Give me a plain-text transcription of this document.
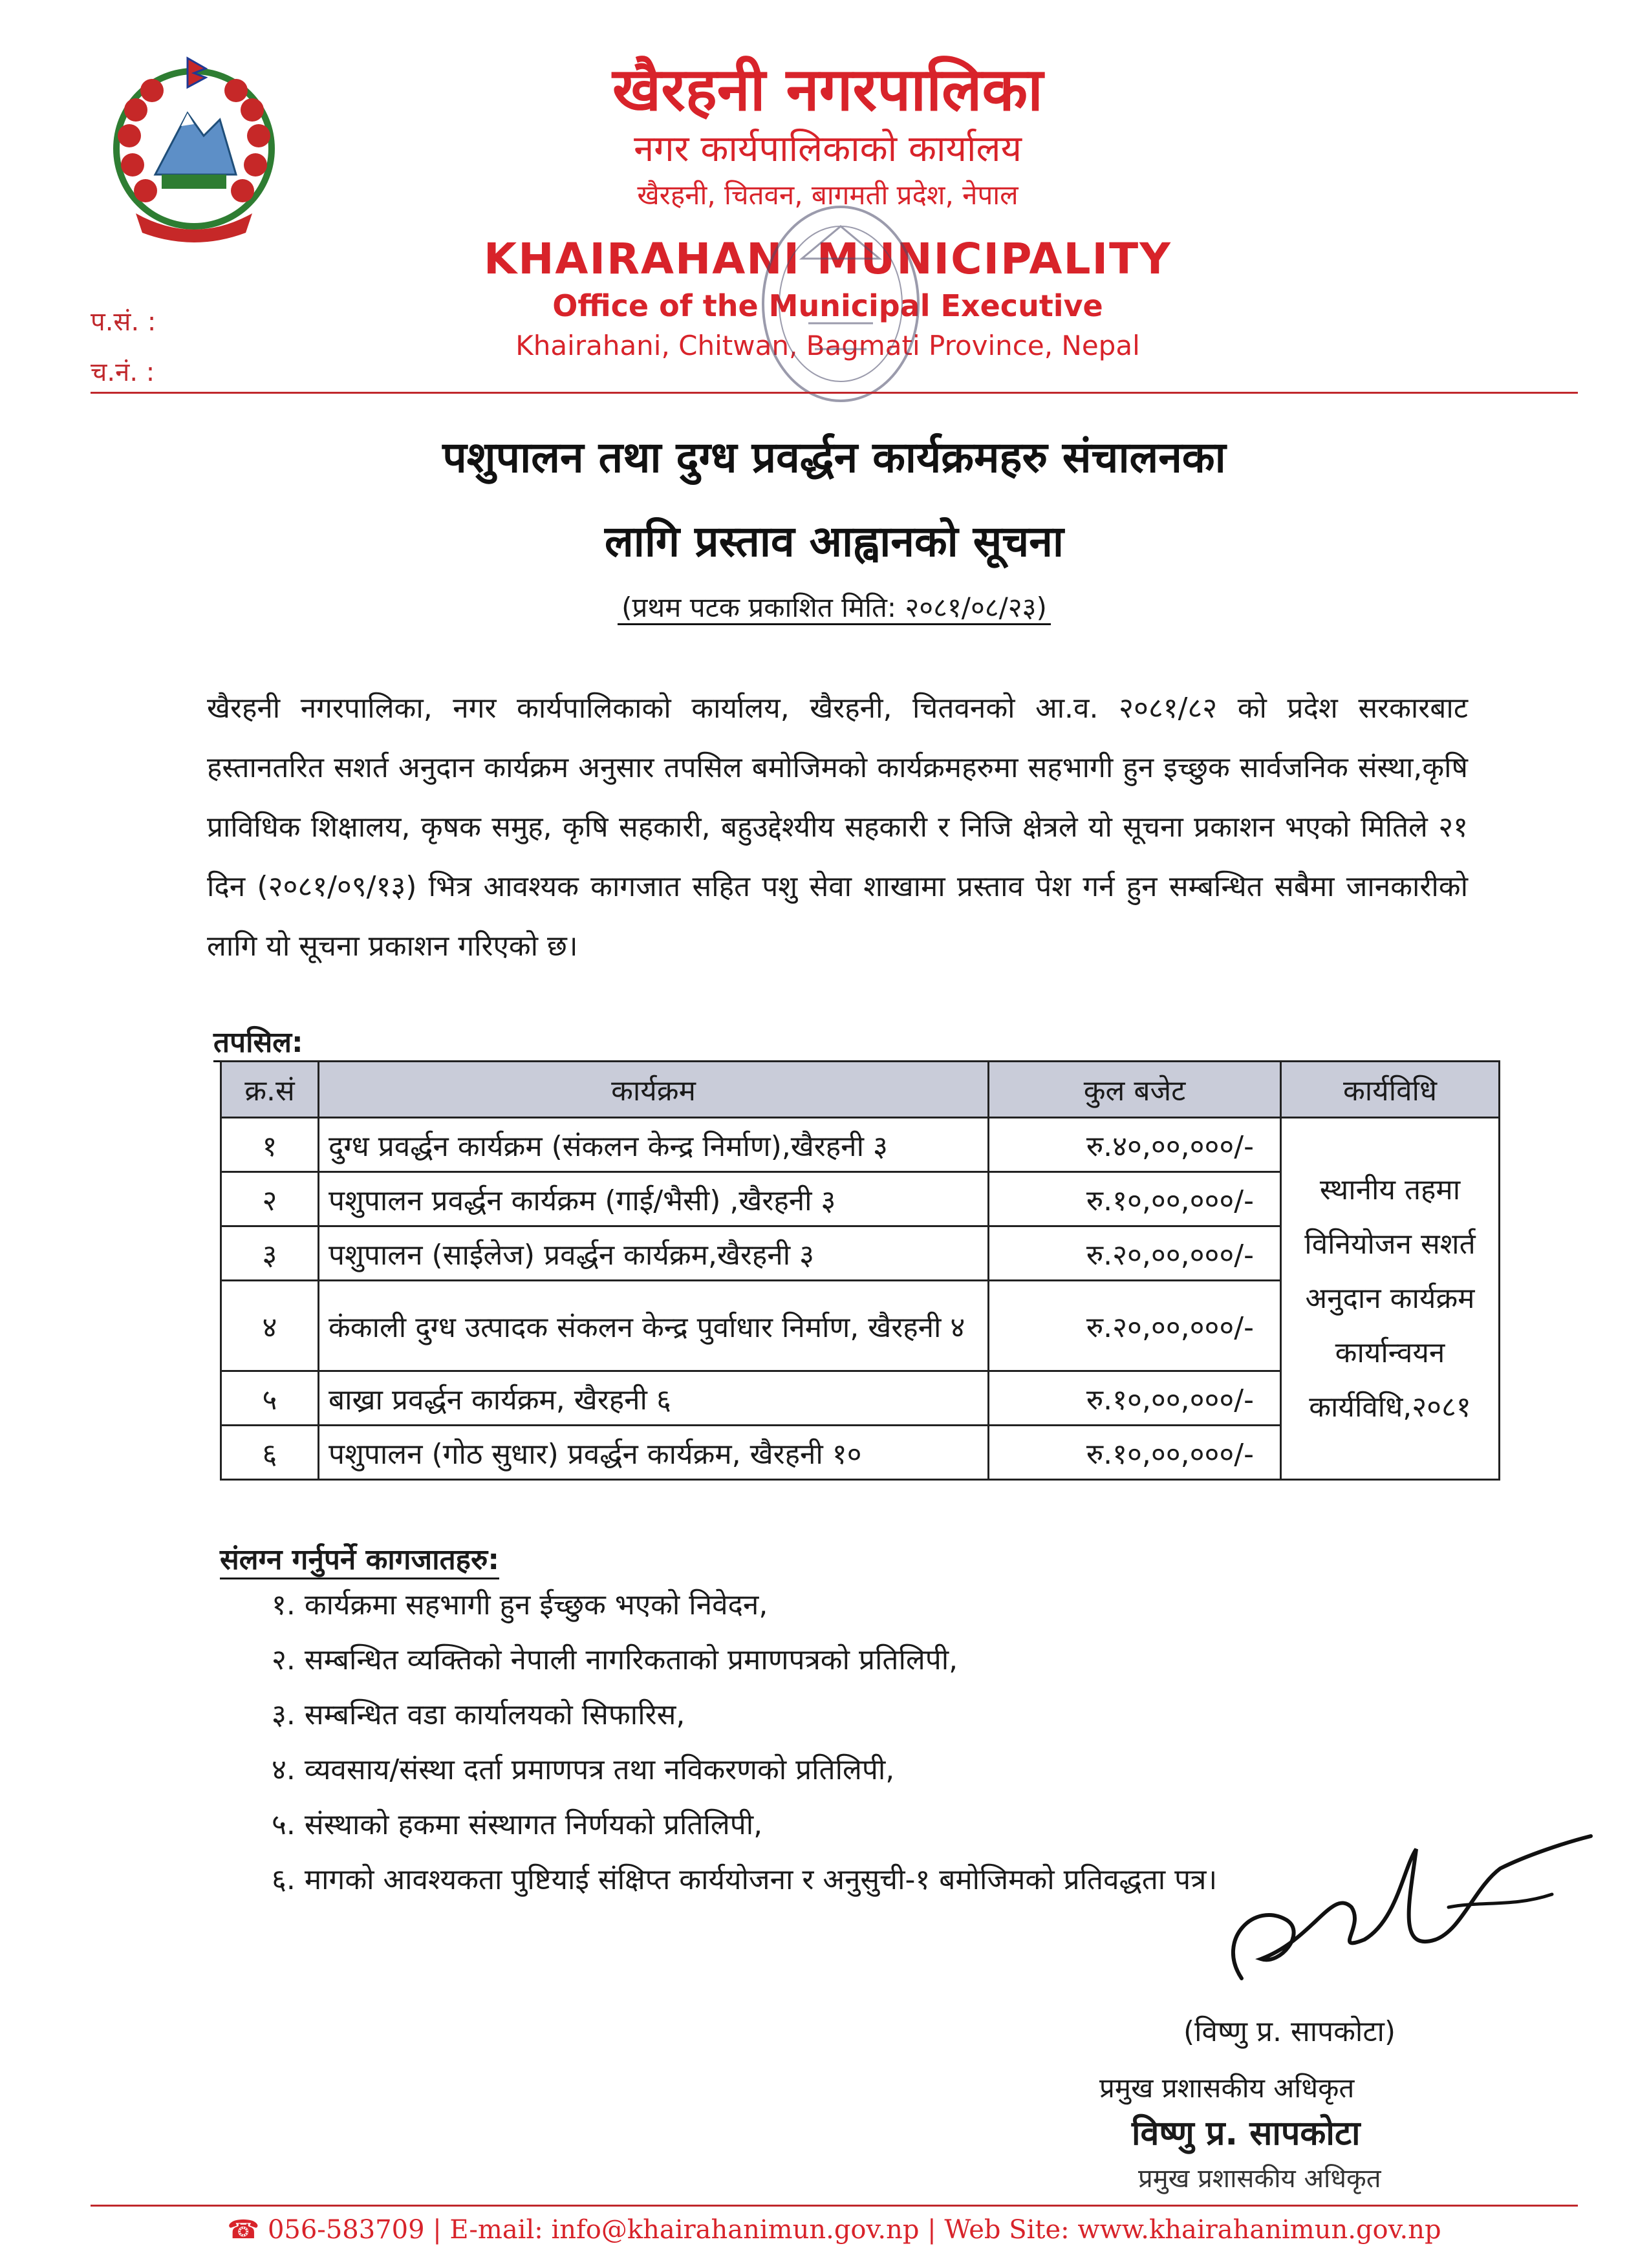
प.सं. :
च.नं. :
खैरहनी नगरपालिका
नगर कार्यपालिकाको कार्यालय
खैरहनी, चितवन, बागमती प्रदेश, नेपाल
KHAIRAHANI MUNICIPALITY
Office of the Municipal Executive
Khairahani, Chitwan, Bagmati Province, Nepal
पशुपालन तथा दुग्ध प्रवर्द्धन कार्यक्रमहरु संचालनका
लागि प्रस्ताव आह्वानको सूचना
(प्रथम पटक प्रकाशित मिति: २०८१/०८/२३)
खैरहनी नगरपालिका, नगर कार्यपालिकाको कार्यालय, खैरहनी, चितवनको आ.व. २०८१/८२ को प्रदेश सरकारबाट हस्तानतरित सशर्त अनुदान कार्यक्रम अनुसार तपसिल बमोजिमको कार्यक्रमहरुमा सहभागी हुन इच्छुक सार्वजनिक संस्था,कृषि प्राविधिक शिक्षालय, कृषक समुह, कृषि सहकारी, बहुउद्देश्यीय सहकारी र निजि क्षेत्रले यो सूचना प्रकाशन भएको मितिले २१ दिन (२०८१/०९/१३) भित्र आवश्यक कागजात सहित पशु सेवा शाखामा प्रस्ताव पेश गर्न हुन सम्बन्धित सबैमा जानकारीको लागि यो सूचना प्रकाशन गरिएको छ।
तपसिल:
क्र.सं	कार्यक्रम	कुल बजेट	कार्यविधि
१	दुग्ध प्रवर्द्धन कार्यक्रम (संकलन केन्द्र निर्माण),खैरहनी ३	रु.४०,००,०००/-	स्थानीय तहमा विनियोजन सशर्त अनुदान कार्यक्रम कार्यान्वयन कार्यविधि,२०८१
२	पशुपालन प्रवर्द्धन कार्यक्रम (गाई/भैसी) ,खैरहनी ३	रु.१०,००,०००/-	
३	पशुपालन (साईलेज) प्रवर्द्धन कार्यक्रम,खैरहनी ३	रु.२०,००,०००/-	
४	कंकाली दुग्ध उत्पादक संकलन केन्द्र पुर्वाधार निर्माण, खैरहनी ४	रु.२०,००,०००/-	
५	बाख्रा प्रवर्द्धन कार्यक्रम, खैरहनी ६	रु.१०,००,०००/-	
६	पशुपालन (गोठ सुधार) प्रवर्द्धन कार्यक्रम, खैरहनी १०	रु.१०,००,०००/-	
संलग्न गर्नुपर्ने कागजातहरु:
१. कार्यक्रमा सहभागी हुन ईच्छुक भएको निवेदन,
२. सम्बन्धित व्यक्तिको नेपाली नागरिकताको प्रमाणपत्रको प्रतिलिपी,
३. सम्बन्धित वडा कार्यालयको सिफारिस,
४. व्यवसाय/संस्था दर्ता प्रमाणपत्र तथा नविकरणको प्रतिलिपी,
५. संस्थाको हकमा संस्थागत निर्णयको प्रतिलिपी,
६. मागको आवश्यकता पुष्टियाई संक्षिप्त कार्ययोजना र अनुसुची-१ बमोजिमको प्रतिवद्धता पत्र।
(विष्णु प्र. सापकोटा)
प्रमुख प्रशासकीय अधिकृत
विष्णु प्र. सापकोटा
प्रमुख प्रशासकीय अधिकृत
☎ 056-583709 | E-mail: info@khairahanimun.gov.np | Web Site: www.khairahanimun.gov.np
